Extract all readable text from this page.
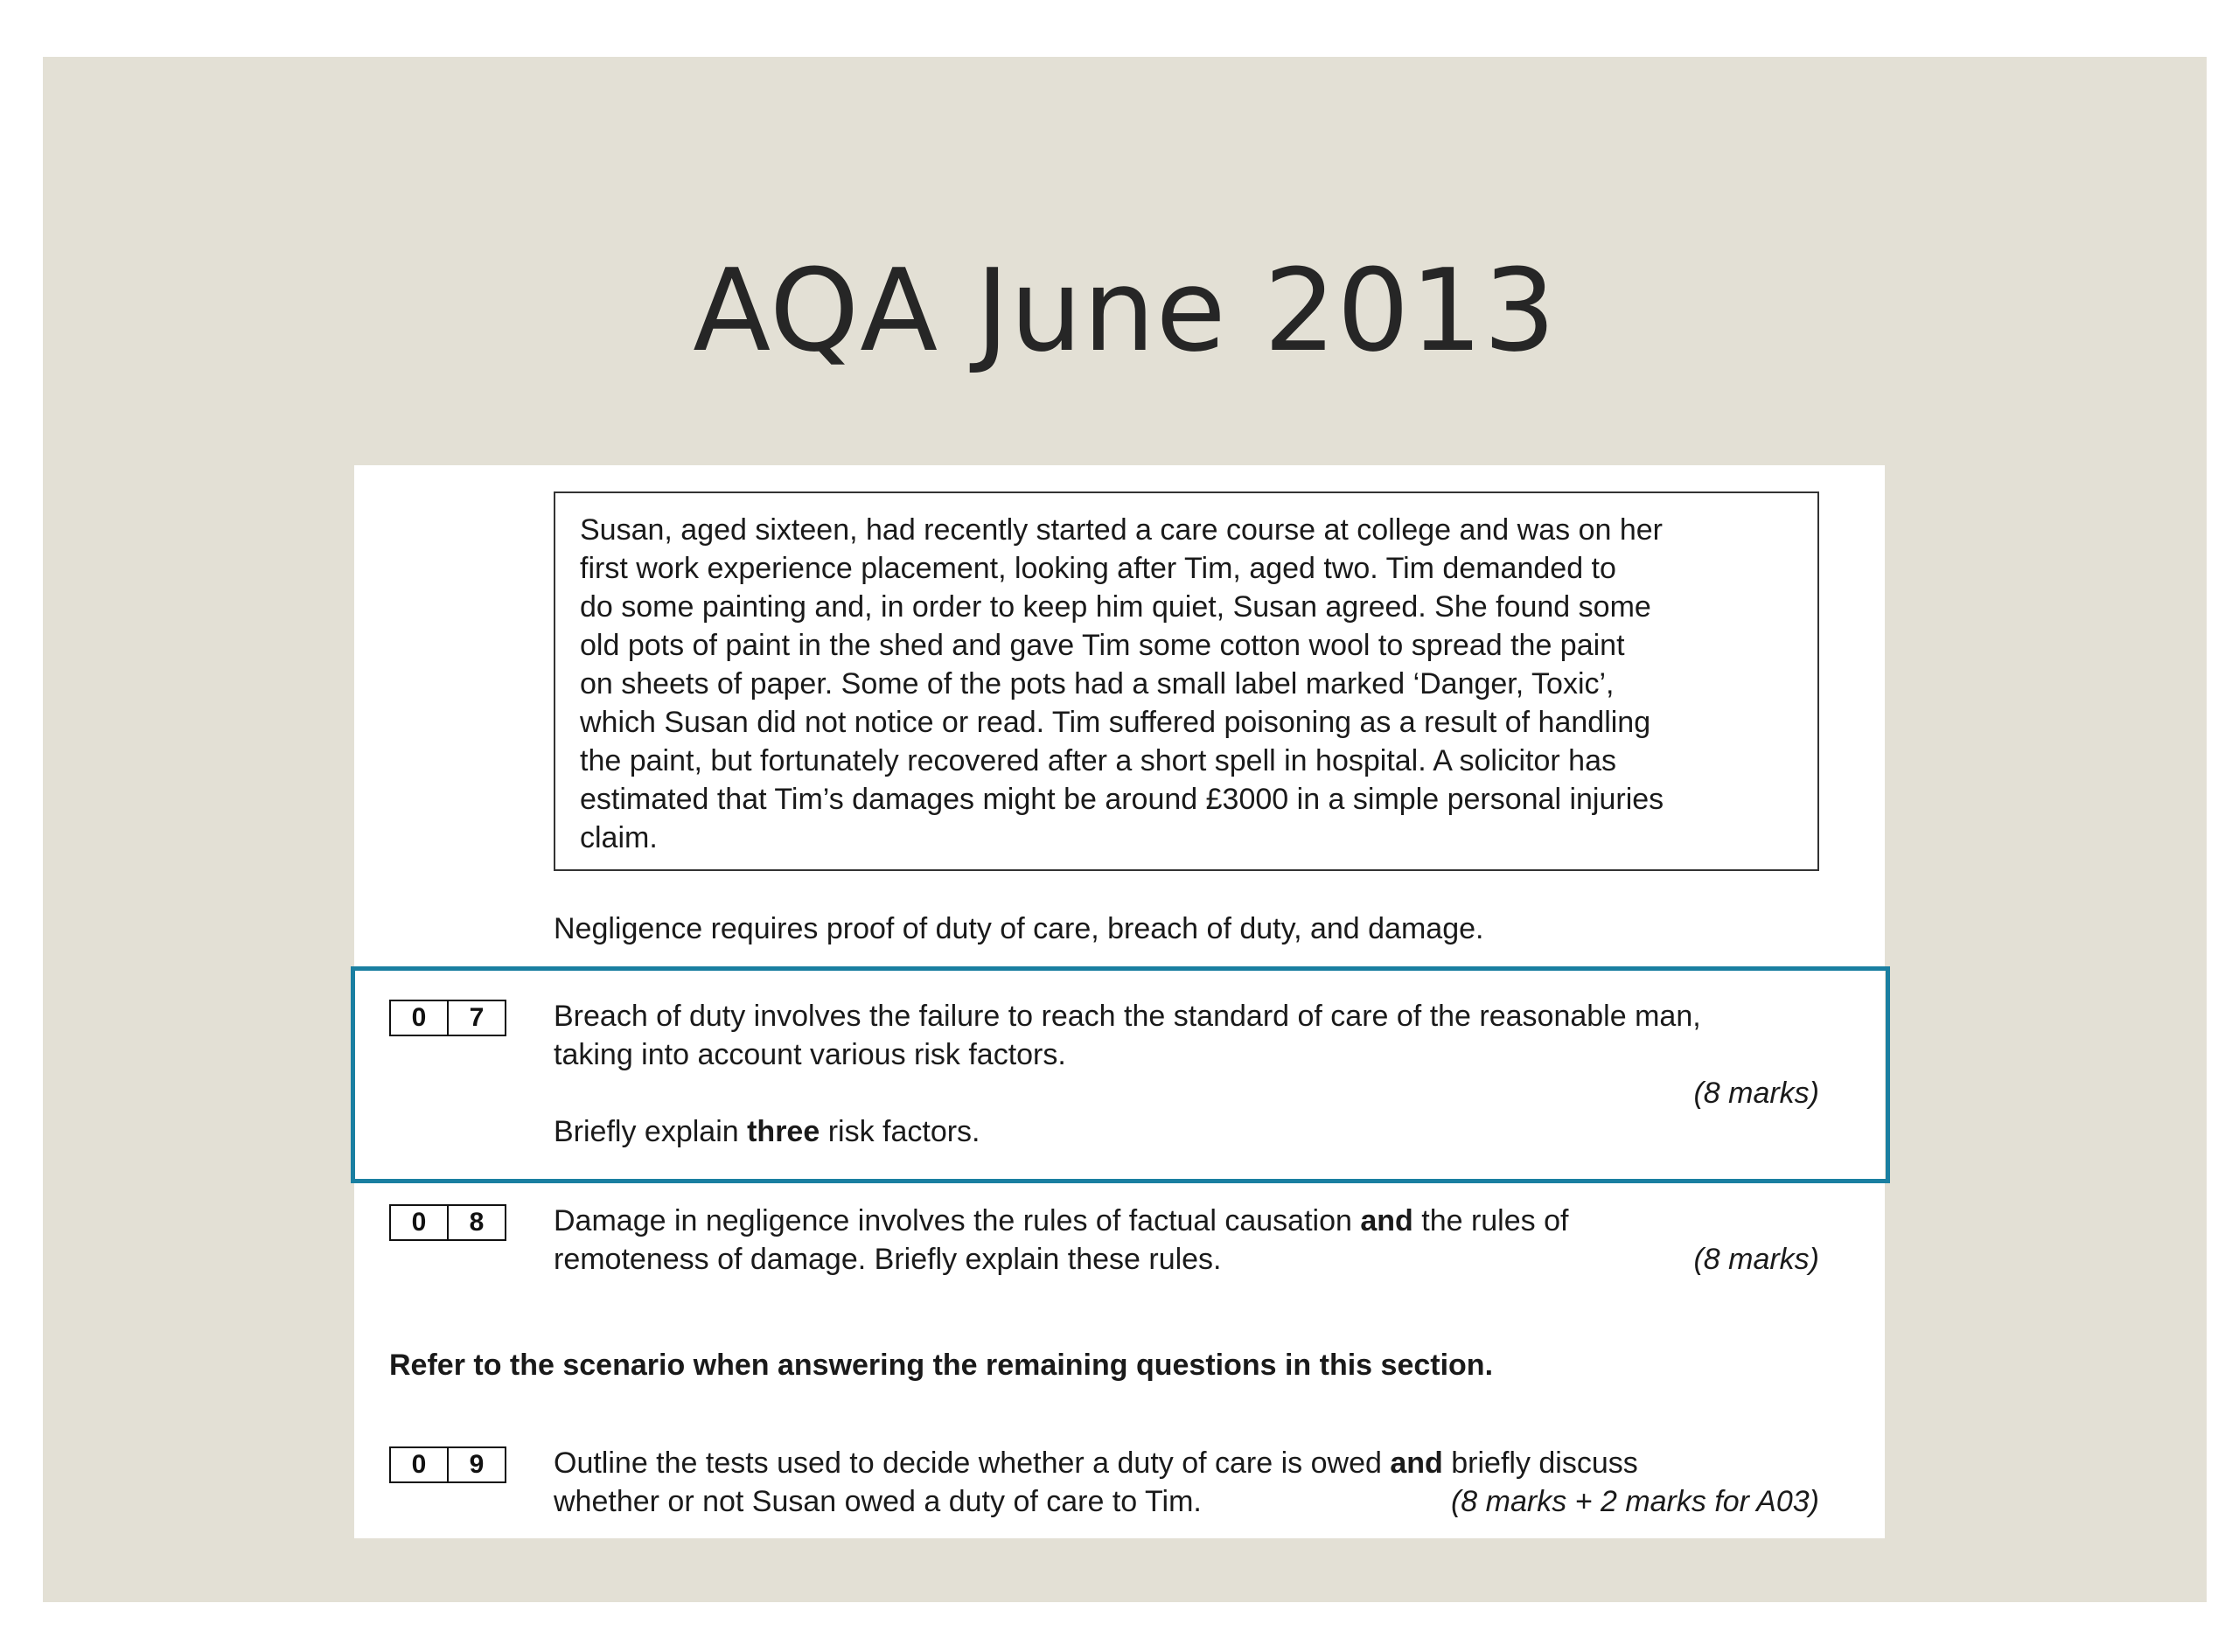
AQA June 2013

Susan, aged sixteen, had recently started a care course at college and was on her

first work experience placement, looking after Tim, aged two. Tim demanded to

do some painting and, in order to keep him quiet, Susan agreed. She found some

old pots of paint in the shed and gave Tim some cotton wool to spread the paint

on sheets of paper. Some of the pots had a small label marked ‘Danger, Toxic’,

which Susan did not notice or read. Tim suffered poisoning as a result of handling

the paint, but fortunately recovered after a short spell in hospital. A solicitor has

estimated that Tim’s damages might be around £3000 in a simple personal injuries

claim.

Negligence requires proof of duty of care, breach of duty, and damage.
0	7	Breach of duty involves the failure to reach the standard of care of the reasonable man,

taking into account various risk factors.

Briefly explain three risk factors.

(8 marks)
0	8	Damage in negligence involves the rules of factual causation and the rules of

remoteness of damage. Briefly explain these rules.	(8 marks)
Refer to the scenario when answering the remaining questions in this section.
0	9	Outline the tests used to decide whether a duty of care is owed and briefly discuss

whether or not Susan owed a duty of care to Tim.	(8 marks + 2 marks for A03)
